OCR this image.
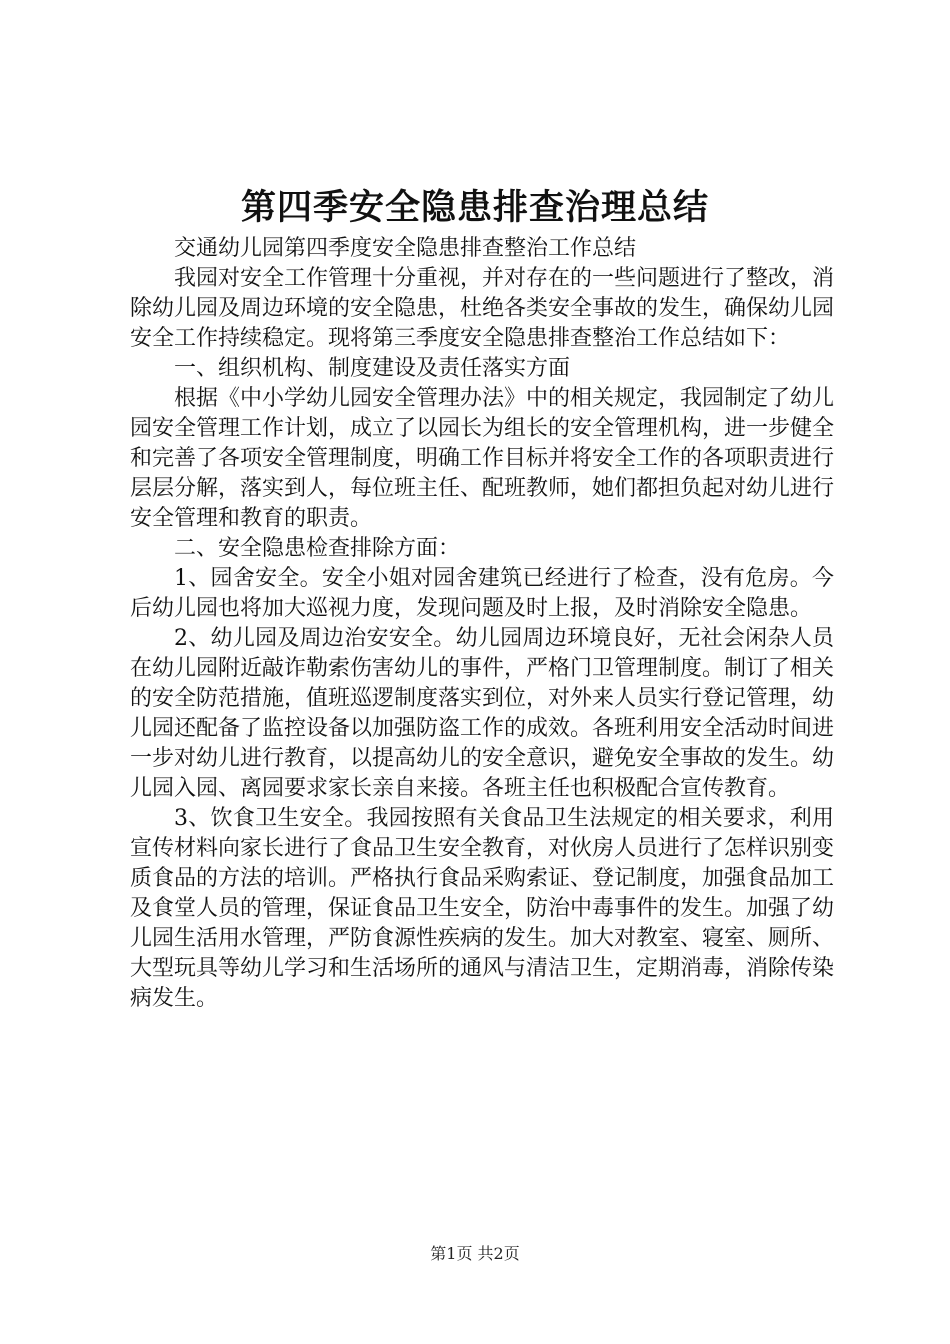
第四季安全隐患排查治理总结

交通幼儿园第四季度安全隐患排查整治工作总结

我园对安全工作管理十分重视，并对存在的一些问题进行了整改，消除幼儿园及周边环境的安全隐患，杜绝各类安全事故的发生，确保幼儿园安全工作持续稳定。现将第三季度安全隐患排查整治工作总结如下：

一、组织机构、制度建设及责任落实方面

根据《中小学幼儿园安全管理办法》中的相关规定，我园制定了幼儿园安全管理工作计划，成立了以园长为组长的安全管理机构，进一步健全和完善了各项安全管理制度，明确工作目标并将安全工作的各项职责进行层层分解，落实到人，每位班主任、配班教师，她们都担负起对幼儿进行安全管理和教育的职责。

二、安全隐患检查排除方面：

1、园舍安全。安全小姐对园舍建筑已经进行了检查，没有危房。今后幼儿园也将加大巡视力度，发现问题及时上报，及时消除安全隐患。

2、幼儿园及周边治安安全。幼儿园周边环境良好，无社会闲杂人员在幼儿园附近敲诈勒索伤害幼儿的事件，严格门卫管理制度。制订了相关的安全防范措施，值班巡逻制度落实到位，对外来人员实行登记管理，幼儿园还配备了监控设备以加强防盗工作的成效。各班利用安全活动时间进一步对幼儿进行教育，以提高幼儿的安全意识，避免安全事故的发生。幼儿园入园、离园要求家长亲自来接。各班主任也积极配合宣传教育。

3、饮食卫生安全。我园按照有关食品卫生法规定的相关要求，利用宣传材料向家长进行了食品卫生安全教育，对伙房人员进行了怎样识别变质食品的方法的培训。严格执行食品采购索证、登记制度，加强食品加工及食堂人员的管理，保证食品卫生安全，防治中毒事件的发生。加强了幼儿园生活用水管理，严防食源性疾病的发生。加大对教室、寝室、厕所、大型玩具等幼儿学习和生活场所的通风与清洁卫生，定期消毒，消除传染病发生。

第1页 共2页
